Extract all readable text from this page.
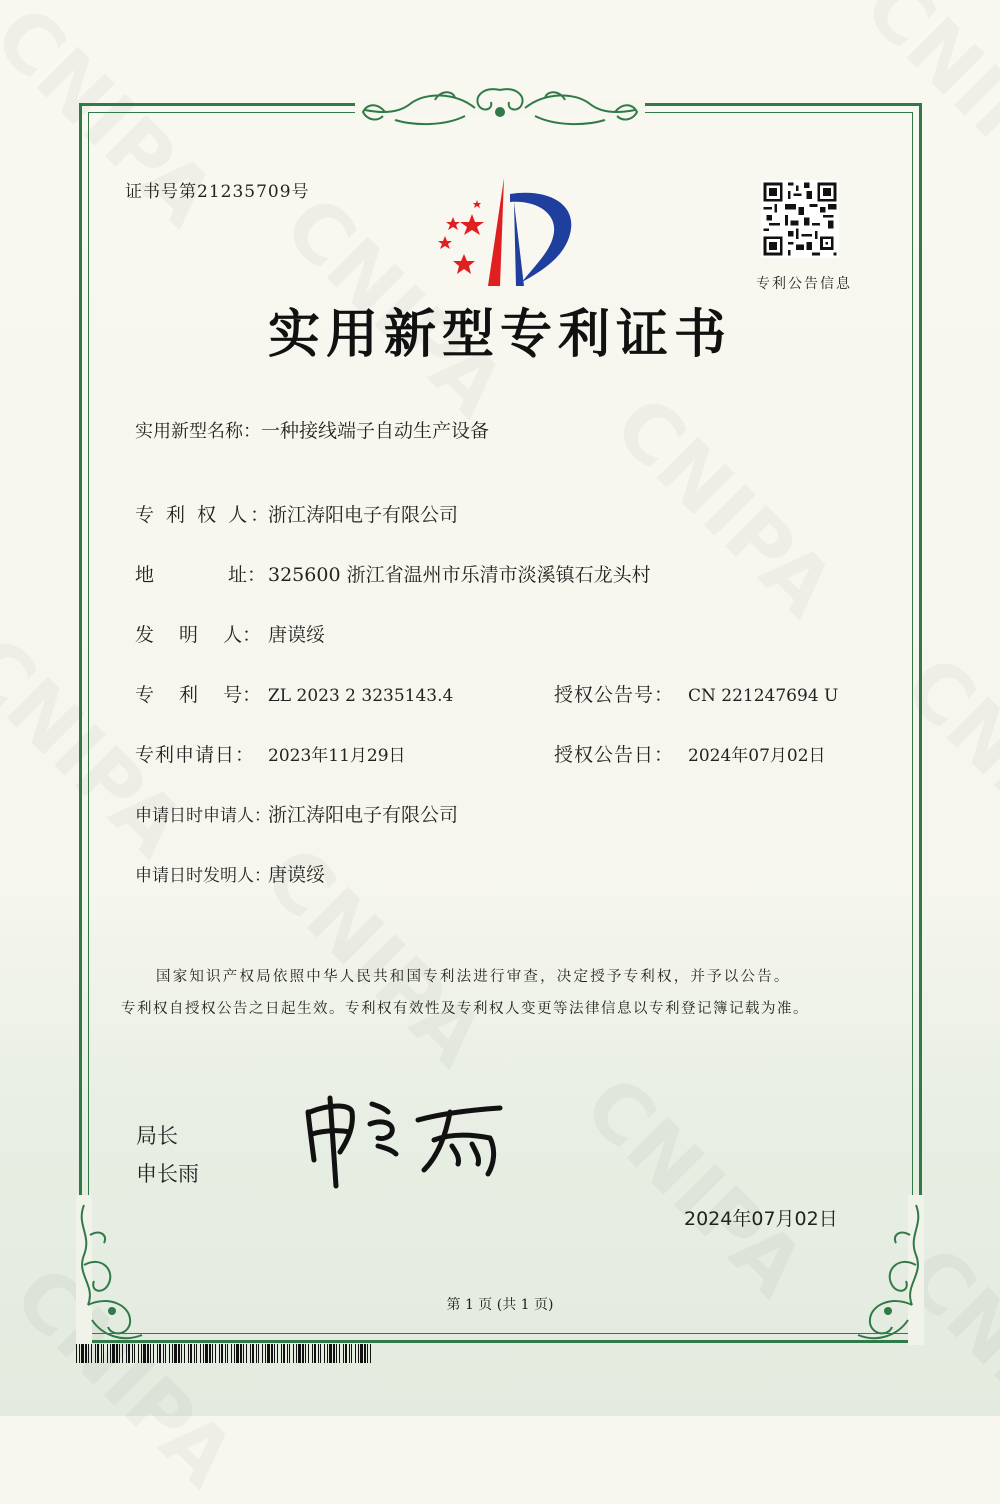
证书号第21235709号
专利公告信息
实用新型专利证书
实用新型名称：一种接线端子自动生产设备
专 利 权 人：浙江涛阳电子有限公司
地	址： 325600 浙江省温州市乐清市淡溪镇石龙头村
发　 明　 人： 唐谟绥
专　 利　 号： ZL 2023 2 3235143.4	授权公告号： CN 221247694 U
专利申请日： 2023年11月29日	授权公告日： 2024年07月02日
申请日时申请人：浙江涛阳电子有限公司
申请日时发明人：唐谟绥
国家知识产权局依照中华人民共和国专利法进行审查，决定授予专利权，并予以公告。
专利权自授权公告之日起生效。专利权有效性及专利权人变更等法律信息以专利登记簿记载为准。
局长
申长雨
2024年07月02日
第 1 页 (共 1 页)
